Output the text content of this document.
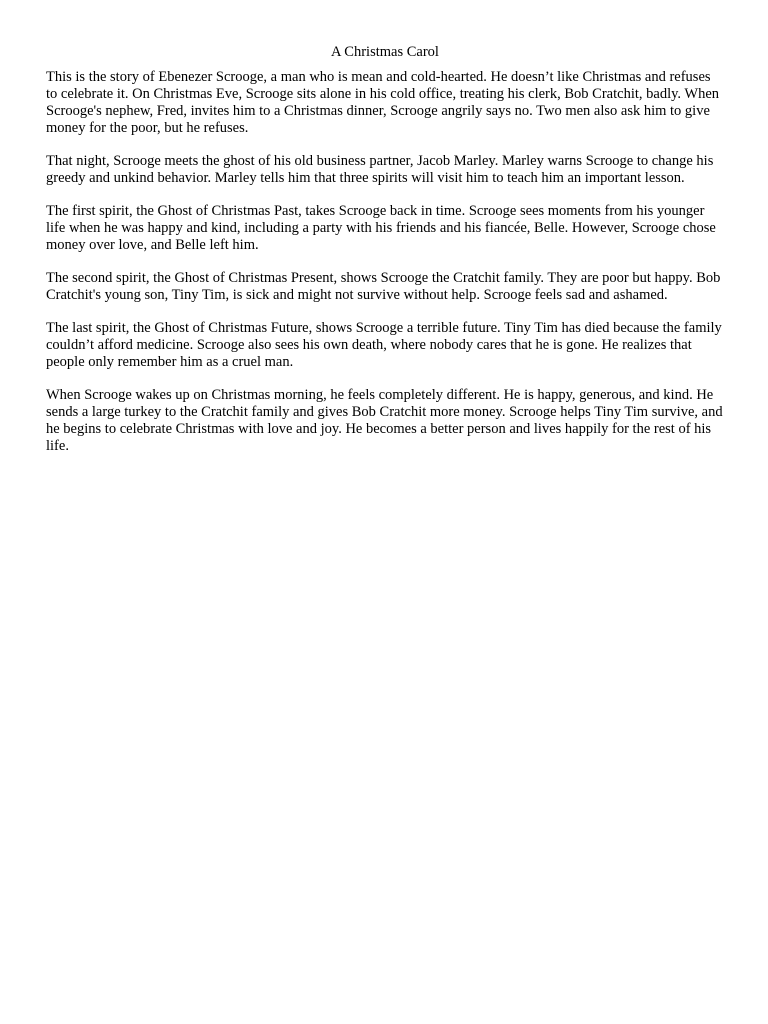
A Christmas Carol

This is the story of Ebenezer Scrooge, a man who is mean and cold-hearted. He doesn’t like Christmas and refuses to celebrate it. On Christmas Eve, Scrooge sits alone in his cold office, treating his clerk, Bob Cratchit, badly. When Scrooge's nephew, Fred, invites him to a Christmas dinner, Scrooge angrily says no. Two men also ask him to give money for the poor, but he refuses.

That night, Scrooge meets the ghost of his old business partner, Jacob Marley. Marley warns Scrooge to change his greedy and unkind behavior. Marley tells him that three spirits will visit him to teach him an important lesson.

The first spirit, the Ghost of Christmas Past, takes Scrooge back in time. Scrooge sees moments from his younger life when he was happy and kind, including a party with his friends and his fiancée, Belle. However, Scrooge chose money over love, and Belle left him.

The second spirit, the Ghost of Christmas Present, shows Scrooge the Cratchit family. They are poor but happy. Bob Cratchit's young son, Tiny Tim, is sick and might not survive without help. Scrooge feels sad and ashamed.

The last spirit, the Ghost of Christmas Future, shows Scrooge a terrible future. Tiny Tim has died because the family couldn’t afford medicine. Scrooge also sees his own death, where nobody cares that he is gone. He realizes that people only remember him as a cruel man.

When Scrooge wakes up on Christmas morning, he feels completely different. He is happy, generous, and kind. He sends a large turkey to the Cratchit family and gives Bob Cratchit more money. Scrooge helps Tiny Tim survive, and he begins to celebrate Christmas with love and joy. He becomes a better person and lives happily for the rest of his life.
